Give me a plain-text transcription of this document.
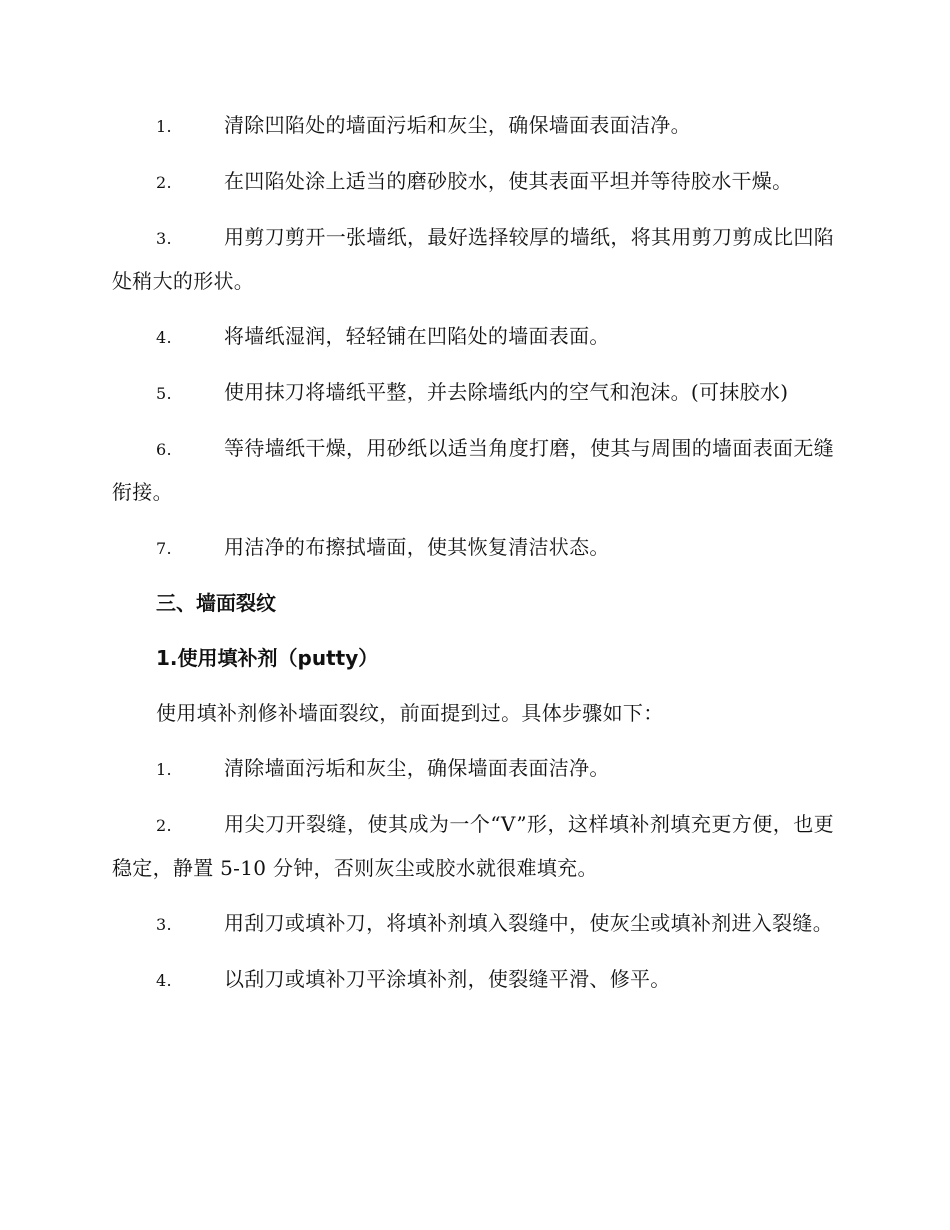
1.	清除凹陷处的墙面污垢和灰尘，确保墙面表面洁净。

2.	在凹陷处涂上适当的磨砂胶水，使其表面平坦并等待胶水干燥。

3.	用剪刀剪开一张墙纸，最好选择较厚的墙纸，将其用剪刀剪成比凹陷处稍大的形状。

4.	将墙纸湿润，轻轻铺在凹陷处的墙面表面。

5.	使用抹刀将墙纸平整，并去除墙纸内的空气和泡沫。(可抹胶水)

6.	等待墙纸干燥，用砂纸以适当角度打磨，使其与周围的墙面表面无缝衔接。

7.	用洁净的布擦拭墙面，使其恢复清洁状态。

三、墙面裂纹

1.使用填补剂（putty）

使用填补剂修补墙面裂纹，前面提到过。具体步骤如下：

1.	清除墙面污垢和灰尘，确保墙面表面洁净。

2.	用尖刀开裂缝，使其成为一个“V”形，这样填补剂填充更方便，也更稳定，静置 5-10 分钟，否则灰尘或胶水就很难填充。

3.	用刮刀或填补刀，将填补剂填入裂缝中，使灰尘或填补剂进入裂缝。

4.	以刮刀或填补刀平涂填补剂，使裂缝平滑、修平。
